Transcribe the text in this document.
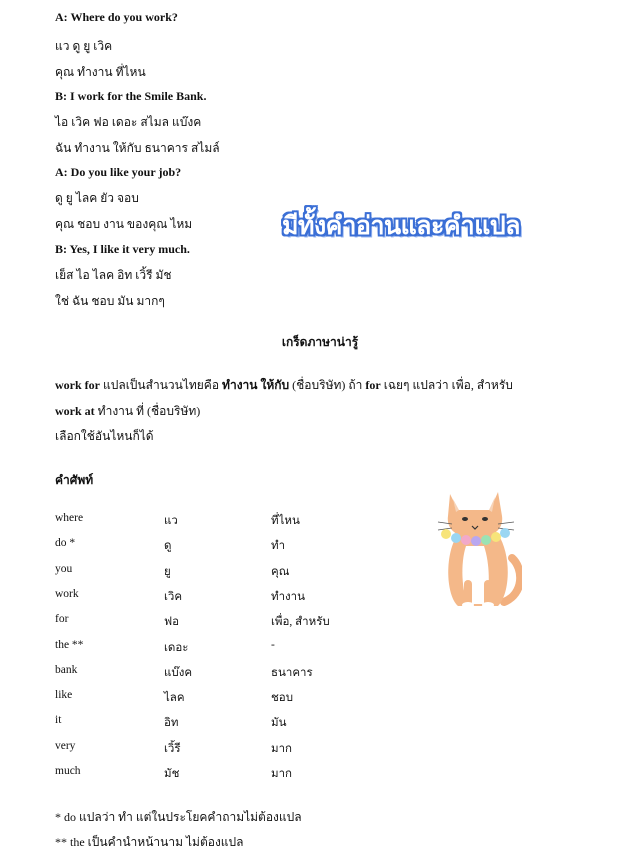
A: Where do you work?
แว ดู ยู เวิค
คุณ ทำงาน ที่ไหน
B: I work for the Smile Bank.
ไอ เวิค ฟอ เดอะ สไมล แบ๊งค
ฉัน ทำงาน ให้กับ ธนาคาร สไมล์
A: Do you like your job?
ดู ยู ไลค ยัว จอบ
คุณ ชอบ งาน ของคุณ ไหม
B: Yes, I like it very much.
เย็ส ไอ ไลค อิท เวิ้รี มัช
ใช่ ฉัน ชอบ มัน มากๆ
มีทั้งคำอ่านและคำแปล
เกร็ดภาษาน่ารู้
work for แปลเป็นสำนวนไทยคือ ทำงาน ให้กับ (ชื่อบริษัท) ถ้า for เฉยๆ แปลว่า เพื่อ, สำหรับ
work at ทำงาน ที่ (ชื่อบริษัท)
เลือกใช้อันไหนก็ได้
คำศัพท์
where	แว	ที่ไหน
do *	ดู	ทำ
you	ยู	คุณ
work	เวิค	ทำงาน
for	ฟอ	เพื่อ, สำหรับ
the **	เดอะ	-
bank	แบ๊งค	ธนาคาร
like	ไลค	ชอบ
it	อิท	มัน
very	เวิ้รี	มาก
much	มัช	มาก
* do แปลว่า ทำ แต่ในประโยคคำถามไม่ต้องแปล
** the เป็นคำนำหน้านาม ไม่ต้องแปล
